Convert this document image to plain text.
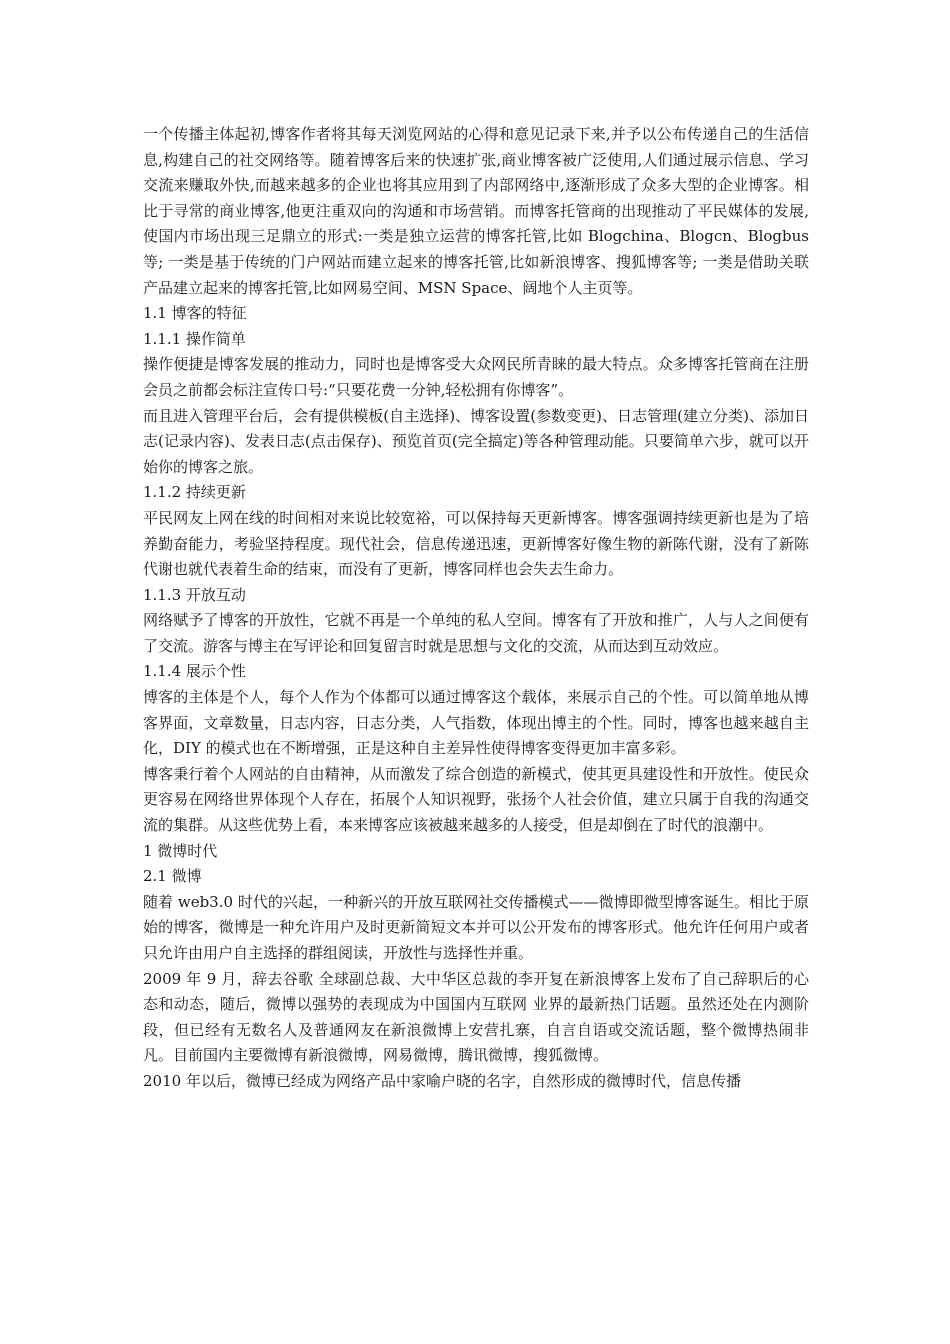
一个传播主体起初,博客作者将其每天浏览网站的心得和意见记录下来,并予以公布传递自己的生活信息,构建自己的社交网络等。随着博客后来的快速扩张,商业博客被广泛使用,人们通过展示信息、学习交流来赚取外快,而越来越多的企业也将其应用到了内部网络中,逐渐形成了众多大型的企业博客。相比于寻常的商业博客,他更注重双向的沟通和市场营销。而博客托管商的出现推动了平民媒体的发展,使国内市场出现三足鼎立的形式:一类是独立运营的博客托管,比如 Blogchina、Blogcn、Blogbus 等; 一类是基于传统的门户网站而建立起来的博客托管,比如新浪博客、搜狐博客等; 一类是借助关联产品建立起来的博客托管,比如网易空间、MSN Space、阔地个人主页等。

1.1 博客的特征
1.1.1 操作简单

操作便捷是博客发展的推动力，同时也是博客受大众网民所青睐的最大特点。众多博客托管商在注册会员之前都会标注宣传口号:“只要花费一分钟,轻松拥有你博客”。

而且进入管理平台后，会有提供模板(自主选择)、博客设置(参数变更)、日志管理(建立分类)、添加日志(记录内容)、发表日志(点击保存)、预览首页(完全搞定)等各种管理动能。只要简单六步，就可以开始你的博客之旅。

1.1.2 持续更新

平民网友上网在线的时间相对来说比较宽裕，可以保持每天更新博客。博客强调持续更新也是为了培养勤奋能力，考验坚持程度。现代社会，信息传递迅速，更新博客好像生物的新陈代谢，没有了新陈代谢也就代表着生命的结束，而没有了更新，博客同样也会失去生命力。

1.1.3 开放互动

网络赋予了博客的开放性，它就不再是一个单纯的私人空间。博客有了开放和推广，人与人之间便有了交流。游客与博主在写评论和回复留言时就是思想与文化的交流，从而达到互动效应。

1.1.4 展示个性

博客的主体是个人，每个人作为个体都可以通过博客这个载体，来展示自己的个性。可以简单地从博客界面，文章数量，日志内容，日志分类，人气指数，体现出博主的个性。同时，博客也越来越自主化，DIY 的模式也在不断增强，正是这种自主差异性使得博客变得更加丰富多彩。

博客秉行着个人网站的自由精神，从而激发了综合创造的新模式，使其更具建设性和开放性。使民众更容易在网络世界体现个人存在，拓展个人知识视野，张扬个人社会价值，建立只属于自我的沟通交流的集群。从这些优势上看，本来博客应该被越来越多的人接受，但是却倒在了时代的浪潮中。

1 微博时代
2.1 微博

随着 web3.0 时代的兴起，一种新兴的开放互联网社交传播模式——微博即微型博客诞生。相比于原始的博客，微博是一种允许用户及时更新简短文本并可以公开发布的博客形式。他允许任何用户或者只允许由用户自主选择的群组阅读，开放性与选择性并重。

2009 年 9 月，辞去谷歌 全球副总裁、大中华区总裁的李开复在新浪博客上发布了自己辞职后的心态和动态，随后，微博以强势的表现成为中国国内互联网 业界的最新热门话题。虽然还处在内测阶段，但已经有无数名人及普通网友在新浪微博上安营扎寨，自言自语或交流话题，整个微博热闹非凡。目前国内主要微博有新浪微博，网易微博，腾讯微博，搜狐微博。

2010 年以后，微博已经成为网络产品中家喻户晓的名字，自然形成的微博时代，信息传播
